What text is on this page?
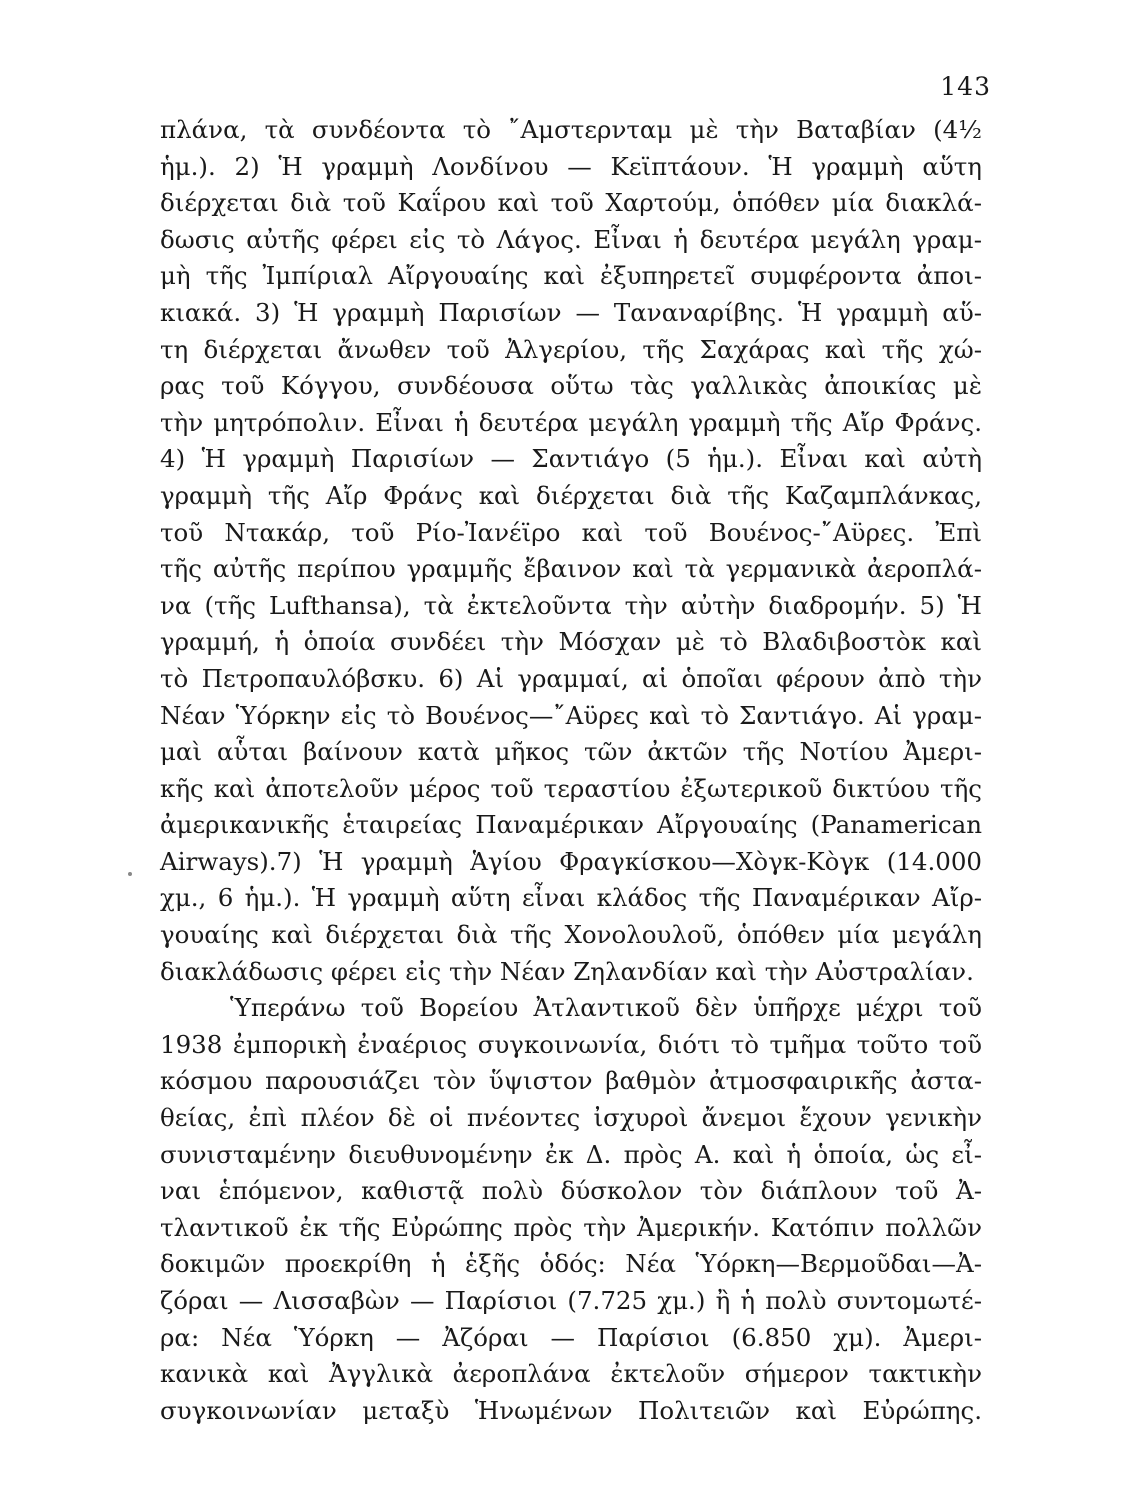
143
πλάνα, τὰ συνδέοντα τὸ ῎Αμστερνταμ μὲ τὴν Βαταβίαν (4½
ἡμ.). 2) Ἡ γραμμὴ Λονδίνου — Κεϊπτάουν. Ἡ γραμμὴ αὕτη
διέρχεται διὰ τοῦ Καΐρου καὶ τοῦ Χαρτούμ, ὁπόθεν μία διακλά-
δωσις αὐτῆς φέρει εἰς τὸ Λάγος. Εἶναι ἡ δευτέρα μεγάλη γραμ-
μὴ τῆς Ἰμπίριαλ Αἴργουαίης καὶ ἐξυπηρετεῖ συμφέροντα ἀποι-
κιακά. 3) Ἡ γραμμὴ Παρισίων — Ταναναρίβης. Ἡ γραμμὴ αὕ-
τη διέρχεται ἄνωθεν τοῦ Ἀλγερίου, τῆς Σαχάρας καὶ τῆς χώ-
ρας τοῦ Κόγγου, συνδέουσα οὕτω τὰς γαλλικὰς ἀποικίας μὲ
τὴν μητρόπολιν. Εἶναι ἡ δευτέρα μεγάλη γραμμὴ τῆς Αἴρ Φράνς.
4) Ἡ γραμμὴ Παρισίων — Σαντιάγο (5 ἡμ.). Εἶναι καὶ αὐτὴ
γραμμὴ τῆς Αἴρ Φράνς καὶ διέρχεται διὰ τῆς Καζαμπλάνκας,
τοῦ Ντακάρ, τοῦ Ρίο-Ἰανέϊρο καὶ τοῦ Βουένος-῎Αϋρες. Ἐπὶ
τῆς αὐτῆς περίπου γραμμῆς ἔβαινον καὶ τὰ γερμανικὰ ἀεροπλά-
να (τῆς Lufthansa), τὰ ἐκτελοῦντα τὴν αὐτὴν διαδρομήν. 5) Ἡ
γραμμή, ἡ ὁποία συνδέει τὴν Μόσχαν μὲ τὸ Βλαδιβοστὸκ καὶ
τὸ Πετροπαυλόβσκυ. 6) Αἱ γραμμαί, αἱ ὁποῖαι φέρουν ἀπὸ τὴν
Νέαν Ὑόρκην εἰς τὸ Βουένος—῎Αϋρες καὶ τὸ Σαντιάγο. Αἱ γραμ-
μαὶ αὗται βαίνουν κατὰ μῆκος τῶν ἀκτῶν τῆς Νοτίου Ἀμερι-
κῆς καὶ ἀποτελοῦν μέρος τοῦ τεραστίου ἐξωτερικοῦ δικτύου τῆς
ἀμερικανικῆς ἑταιρείας Παναμέρικαν Αἴργουαίης (Panamerican
Airways).7) Ἡ γραμμὴ Ἁγίου Φραγκίσκου—Χὸγκ-Κὸγκ (14.000
χμ., 6 ἡμ.). Ἡ γραμμὴ αὕτη εἶναι κλάδος τῆς Παναμέρικαν Αἴρ-
γουαίης καὶ διέρχεται διὰ τῆς Χονολουλοῦ, ὁπόθεν μία μεγάλη
διακλάδωσις φέρει εἰς τὴν Νέαν Ζηλανδίαν καὶ τὴν Αὐστραλίαν.
Ὑπεράνω τοῦ Βορείου Ἀτλαντικοῦ δὲν ὑπῆρχε μέχρι τοῦ
1938 ἐμπορικὴ ἐναέριος συγκοινωνία, διότι τὸ τμῆμα τοῦτο τοῦ
κόσμου παρουσιάζει τὸν ὕψιστον βαθμὸν ἀτμοσφαιρικῆς ἀστα-
θείας, ἐπὶ πλέον δὲ οἱ πνέοντες ἰσχυροὶ ἄνεμοι ἔχουν γενικὴν
συνισταμένην διευθυνομένην ἐκ Δ. πρὸς Α. καὶ ἡ ὁποία, ὡς εἶ-
ναι ἑπόμενον, καθιστᾷ πολὺ δύσκολον τὸν διάπλουν τοῦ Ἀ-
τλαντικοῦ ἐκ τῆς Εὐρώπης πρὸς τὴν Ἀμερικήν. Κατόπιν πολλῶν
δοκιμῶν προεκρίθη ἡ ἑξῆς ὁδός: Νέα Ὑόρκη—Βερμοῦδαι—Ἀ-
ζόραι — Λισσαβὼν — Παρίσιοι (7.725 χμ.) ἢ ἡ πολὺ συντομωτέ-
ρα: Νέα Ὑόρκη — Ἀζόραι — Παρίσιοι (6.850 χμ). Ἀμερι-
κανικὰ καὶ Ἀγγλικὰ ἀεροπλάνα ἐκτελοῦν σήμερον τακτικὴν
συγκοινωνίαν μεταξὺ Ἡνωμένων Πολιτειῶν καὶ Εὐρώπης.
